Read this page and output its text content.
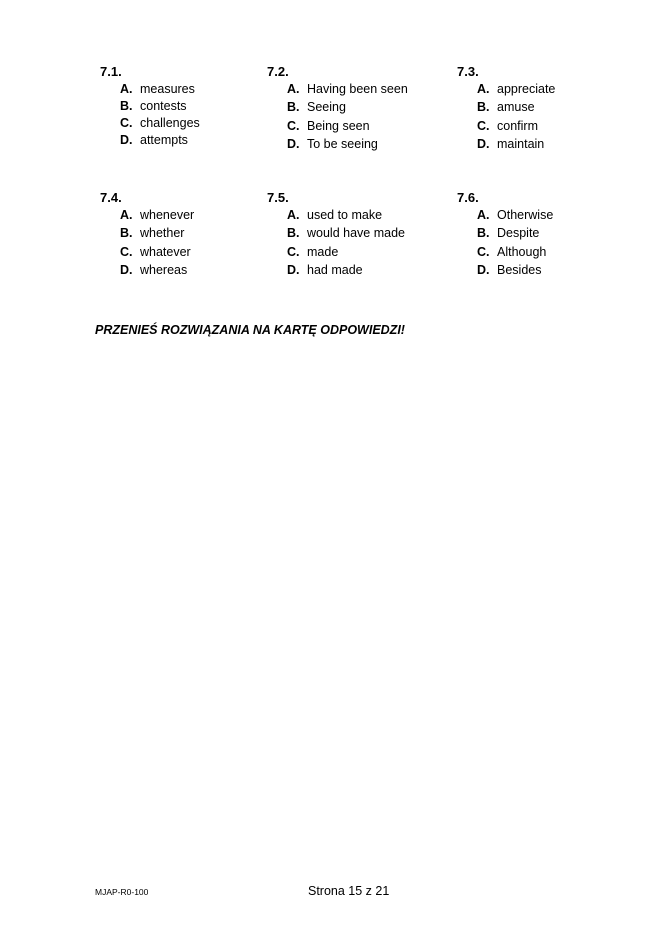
7.1.
A. measures
B. contests
C. challenges
D. attempts
7.2.
A. Having been seen
B. Seeing
C. Being seen
D. To be seeing
7.3.
A. appreciate
B. amuse
C. confirm
D. maintain
7.4.
A. whenever
B. whether
C. whatever
D. whereas
7.5.
A. used to make
B. would have made
C. made
D. had made
7.6.
A. Otherwise
B. Despite
C. Although
D. Besides
PRZENIEŚ ROZWIĄZANIA NA KARTĘ ODPOWIEDZI!
MJAP-R0-100	Strona 15 z 21
